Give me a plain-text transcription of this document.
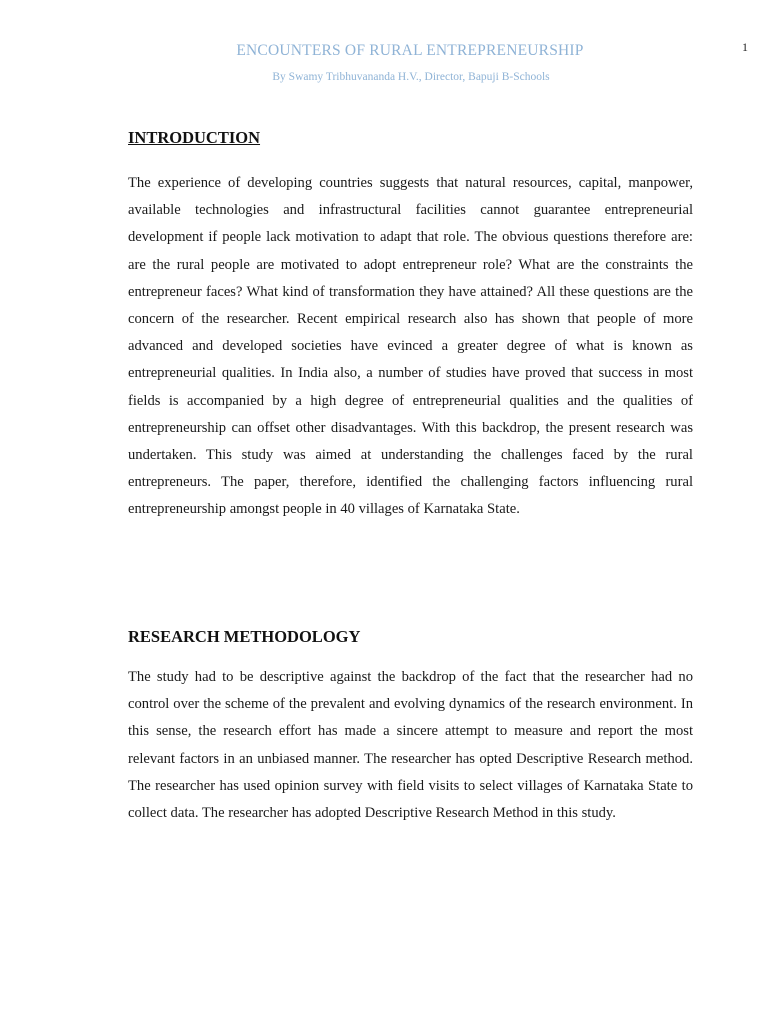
1
ENCOUNTERS OF RURAL ENTREPRENEURSHIP
By Swamy Tribhuvananda H.V., Director, Bapuji B-Schools
INTRODUCTION

The experience of developing countries suggests that natural resources, capital, manpower, available technologies and infrastructural facilities cannot guarantee entrepreneurial development if people lack motivation to adapt that role. The obvious questions therefore are: are the rural people are motivated to adopt entrepreneur role? What are the constraints the entrepreneur faces? What kind of transformation they have attained? All these questions are the concern of the researcher. Recent empirical research also has shown that people of more advanced and developed societies have evinced a greater degree of what is known as entrepreneurial qualities. In India also, a number of studies have proved that success in most fields is accompanied by a high degree of entrepreneurial qualities and the qualities of entrepreneurship can offset other disadvantages. With this backdrop, the present research was undertaken. This study was aimed at understanding the challenges faced by the rural entrepreneurs. The paper, therefore, identified the challenging factors influencing rural entrepreneurship amongst people in 40 villages of Karnataka State.

RESEARCH METHODOLOGY

The study had to be descriptive against the backdrop of the fact that the researcher had no control over the scheme of the prevalent and evolving dynamics of the research environment. In this sense, the research effort has made a sincere attempt to measure and report the most relevant factors in an unbiased manner. The researcher has opted Descriptive Research method. The researcher has used opinion survey with field visits to select villages of Karnataka State to collect data. The researcher has adopted Descriptive Research Method in this study.
